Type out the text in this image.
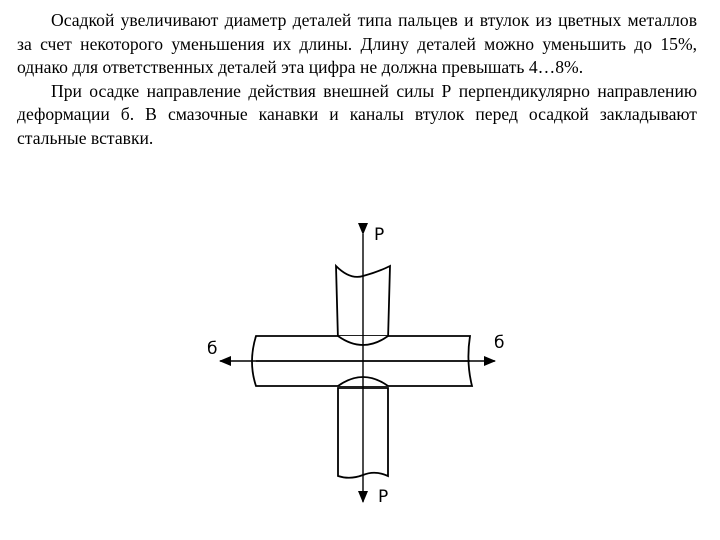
Осадкой увеличивают диаметр деталей типа пальцев и втулок из цветных металлов за счет некоторого уменьшения их длины. Длину деталей можно уменьшить до 15%, однако для ответственных деталей эта цифра не должна превышать 4…8%.

При осадке направление действия внешней силы Р перпендикулярно направлению деформации б. В смазочные канавки и каналы втулок перед осадкой закладывают стальные вставки.

P
P
б	б
